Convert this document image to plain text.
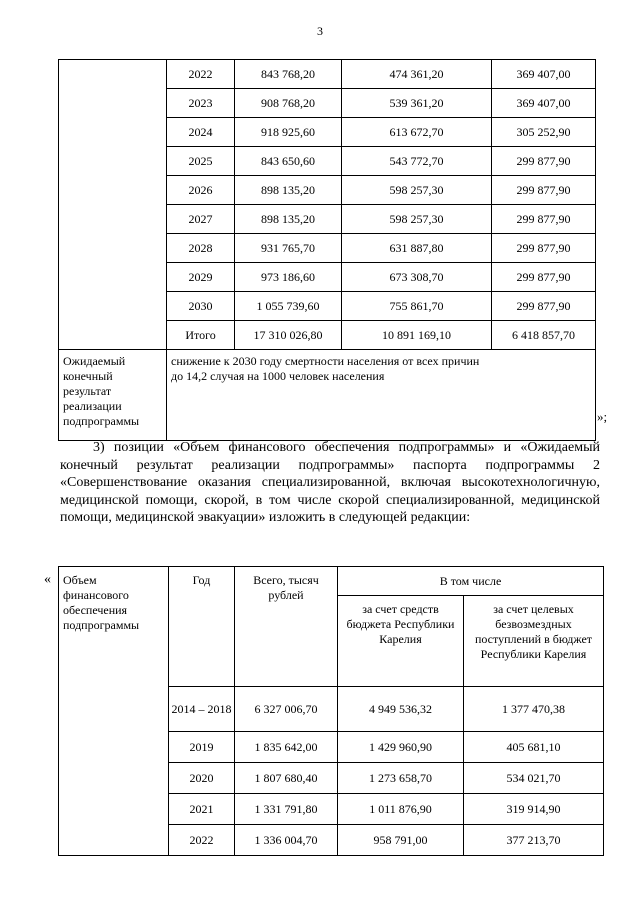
3
	2022	843 768,20	474 361,20	369 407,00
	2023	908 768,20	539 361,20	369 407,00
	2024	918 925,60	613 672,70	305 252,90
	2025	843 650,60	543 772,70	299 877,90
	2026	898 135,20	598 257,30	299 877,90
	2027	898 135,20	598 257,30	299 877,90
	2028	931 765,70	631 887,80	299 877,90
	2029	973 186,60	673 308,70	299 877,90
	2030	1 055 739,60	755 861,70	299 877,90
	Итого	17 310 026,80	10 891 169,10	6 418 857,70
Ожидаемый конечный результат реализации подпрограммы	снижение к 2030 году смертности населения от всех причин
до 14,2 случая на 1000 человек населения			
»;

3) позиции «Объем финансового обеспечения подпрограммы» и «Ожидаемый конечный результат реализации подпрограммы» паспорта подпрограммы 2 «Совершенствование оказания специализированной, включая высокотехнологичную, медицинской помощи, скорой, в том числе скорой специализированной, медицинской помощи, медицинской эвакуации» изложить в следующей редакции:

« Объем финансового обеспечения подпрограммы	Год	Всего, тысяч рублей	В том числе	
			за счет средств бюджета Республики Карелия	за счет целевых безвозмездных поступлений в бюджет Республики Карелия
	2014 – 2018	6 327 006,70	4 949 536,32	1 377 470,38
	2019	1 835 642,00	1 429 960,90	405 681,10
	2020	1 807 680,40	1 273 658,70	534 021,70
	2021	1 331 791,80	1 011 876,90	319 914,90
	2022	1 336 004,70	958 791,00	377 213,70
